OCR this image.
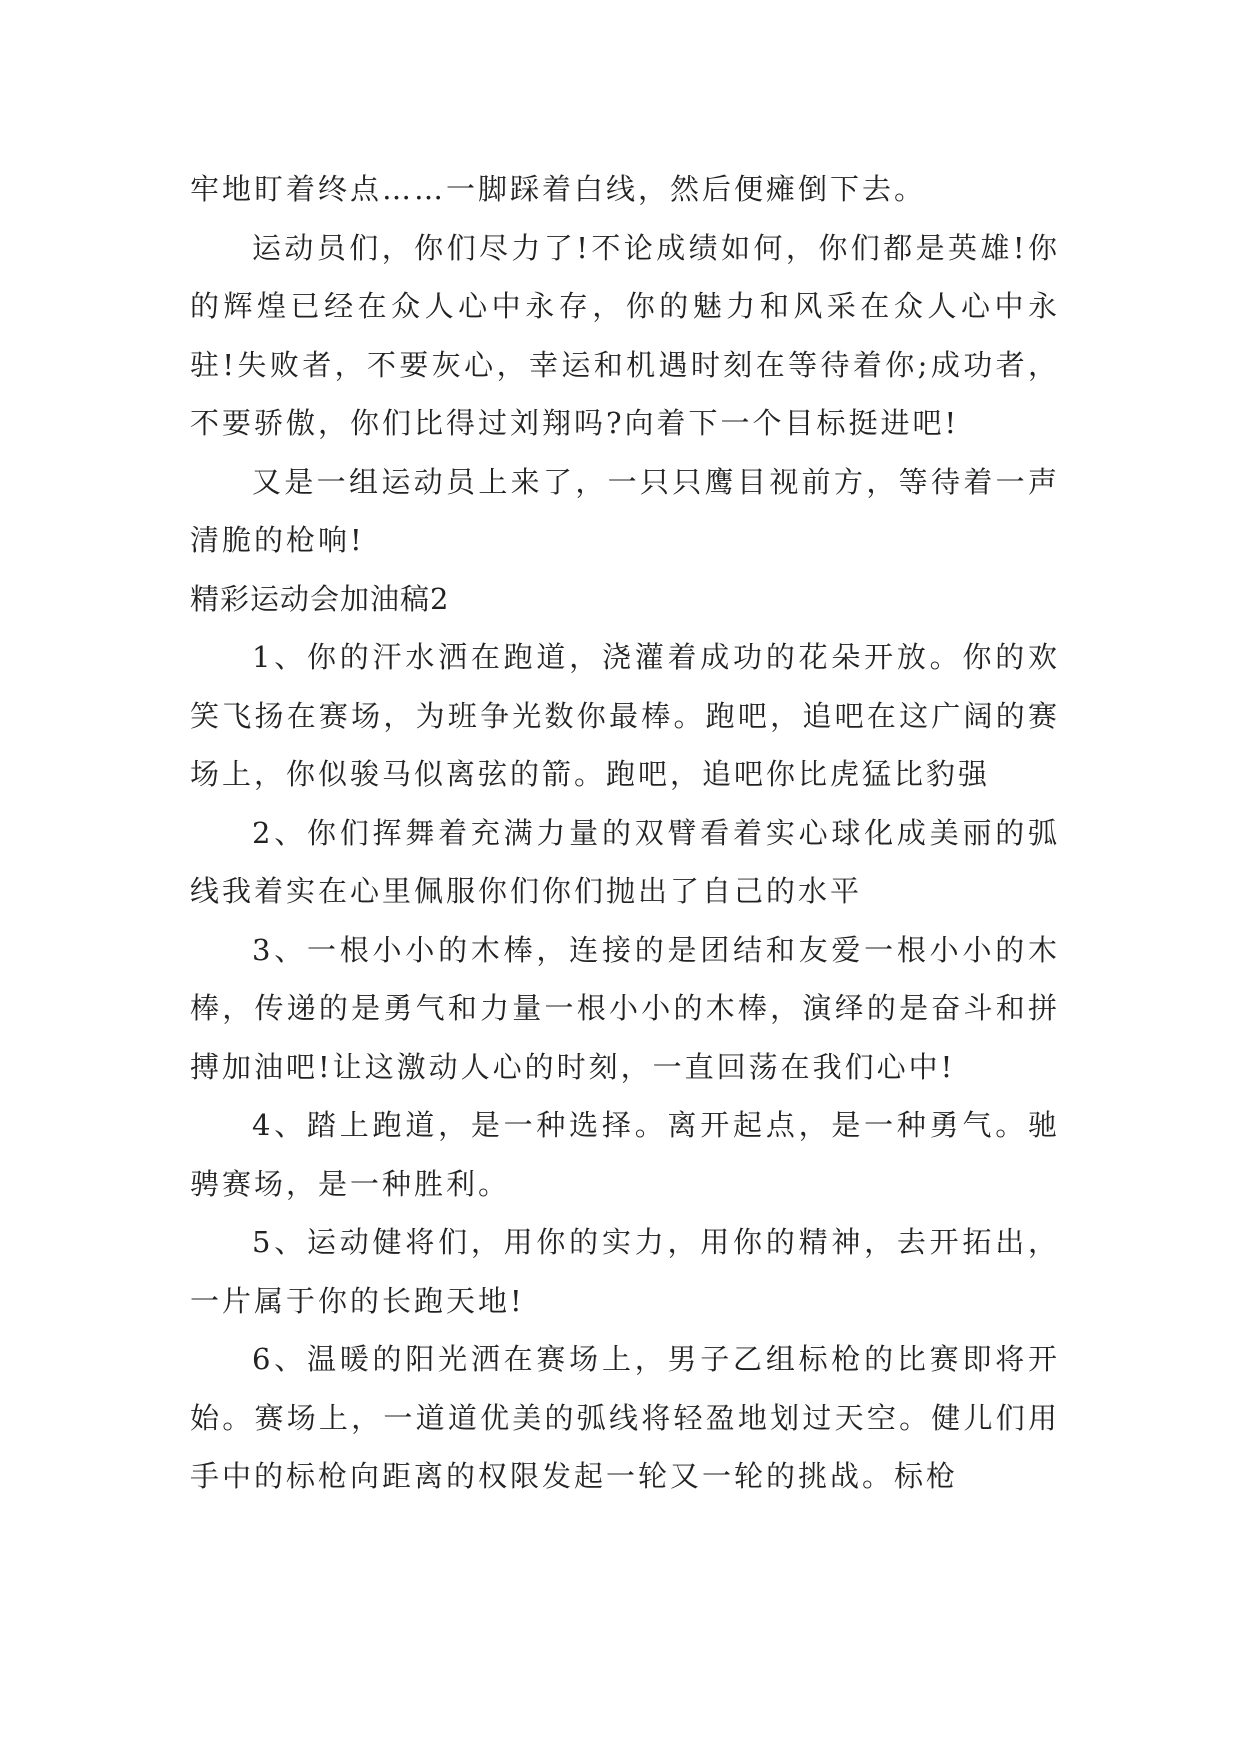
牢地盯着终点……一脚踩着白线，然后便瘫倒下去。

运动员们，你们尽力了!不论成绩如何，你们都是英雄!你的辉煌已经在众人心中永存，你的魅力和风采在众人心中永驻!失败者，不要灰心，幸运和机遇时刻在等待着你;成功者，不要骄傲，你们比得过刘翔吗?向着下一个目标挺进吧!

又是一组运动员上来了，一只只鹰目视前方，等待着一声清脆的枪响!

精彩运动会加油稿2

1、你的汗水洒在跑道，浇灌着成功的花朵开放。你的欢笑飞扬在赛场，为班争光数你最棒。跑吧，追吧在这广阔的赛场上，你似骏马似离弦的箭。跑吧，追吧你比虎猛比豹强

2、你们挥舞着充满力量的双臂看着实心球化成美丽的弧线我着实在心里佩服你们你们抛出了自己的水平

3、一根小小的木棒，连接的是团结和友爱一根小小的木棒，传递的是勇气和力量一根小小的木棒，演绎的是奋斗和拼搏加油吧!让这激动人心的时刻，一直回荡在我们心中!

4、踏上跑道，是一种选择。离开起点，是一种勇气。驰骋赛场，是一种胜利。

5、运动健将们，用你的实力，用你的精神，去开拓出，一片属于你的长跑天地!

6、温暖的阳光洒在赛场上，男子乙组标枪的比赛即将开始。赛场上，一道道优美的弧线将轻盈地划过天空。健儿们用手中的标枪向距离的权限发起一轮又一轮的挑战。标枪
